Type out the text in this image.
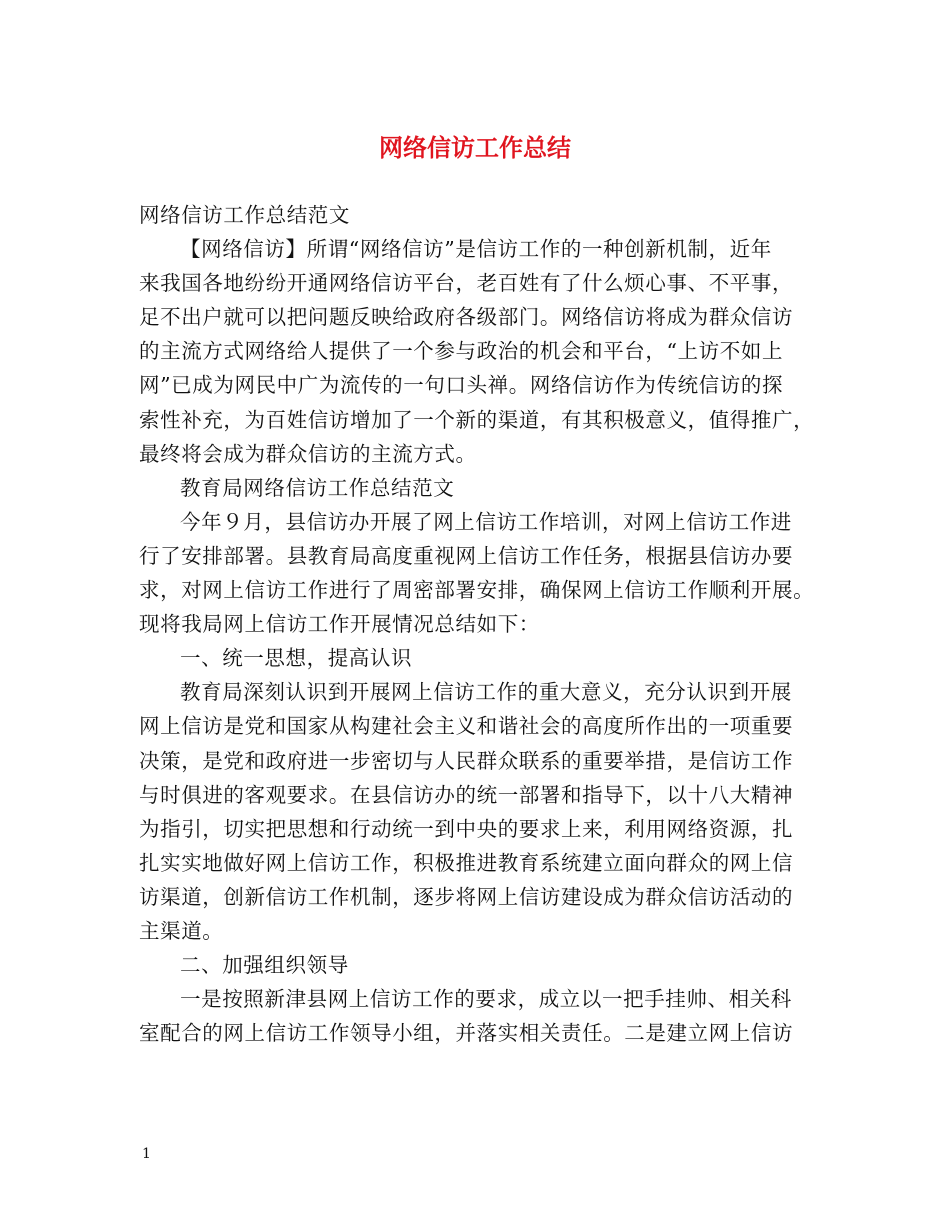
网络信访工作总结
网络信访工作总结范文
【网络信访】所谓“网络信访”是信访工作的一种创新机制，近年
来我国各地纷纷开通网络信访平台，老百姓有了什么烦心事、不平事，
足不出户就可以把问题反映给政府各级部门。网络信访将成为群众信访
的主流方式网络给人提供了一个参与政治的机会和平台，“上访不如上
网”已成为网民中广为流传的一句口头禅。网络信访作为传统信访的探
索性补充，为百姓信访增加了一个新的渠道，有其积极意义，值得推广，
最终将会成为群众信访的主流方式。
教育局网络信访工作总结范文
今年９月，县信访办开展了网上信访工作培训，对网上信访工作进
行了安排部署。县教育局高度重视网上信访工作任务，根据县信访办要
求，对网上信访工作进行了周密部署安排，确保网上信访工作顺利开展。
现将我局网上信访工作开展情况总结如下：
一、统一思想，提高认识
教育局深刻认识到开展网上信访工作的重大意义，充分认识到开展
网上信访是党和国家从构建社会主义和谐社会的高度所作出的一项重要
决策，是党和政府进一步密切与人民群众联系的重要举措，是信访工作
与时俱进的客观要求。在县信访办的统一部署和指导下，以十八大精神
为指引，切实把思想和行动统一到中央的要求上来，利用网络资源，扎
扎实实地做好网上信访工作，积极推进教育系统建立面向群众的网上信
访渠道，创新信访工作机制，逐步将网上信访建设成为群众信访活动的
主渠道。
二、加强组织领导
一是按照新津县网上信访工作的要求，成立以一把手挂帅、相关科
室配合的网上信访工作领导小组，并落实相关责任。二是建立网上信访
1
